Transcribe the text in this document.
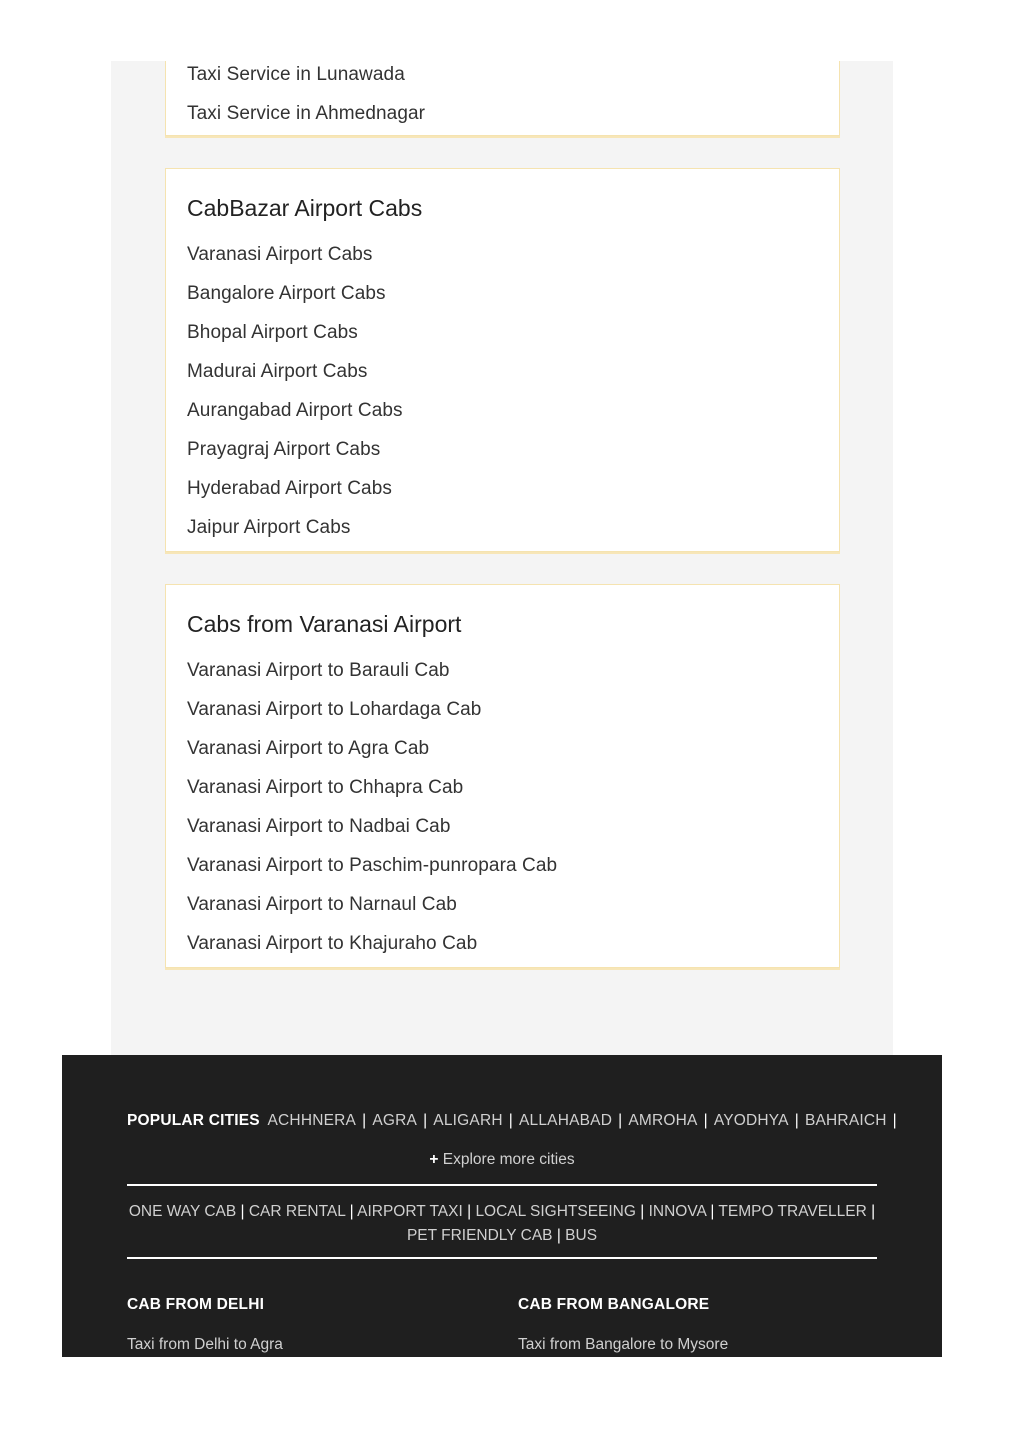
Taxi Service in Lunawada
Taxi Service in Ahmednagar
CabBazar Airport Cabs
Varanasi Airport Cabs
Bangalore Airport Cabs
Bhopal Airport Cabs
Madurai Airport Cabs
Aurangabad Airport Cabs
Prayagraj Airport Cabs
Hyderabad Airport Cabs
Jaipur Airport Cabs
Cabs from Varanasi Airport
Varanasi Airport to Barauli Cab
Varanasi Airport to Lohardaga Cab
Varanasi Airport to Agra Cab
Varanasi Airport to Chhapra Cab
Varanasi Airport to Nadbai Cab
Varanasi Airport to Paschim-punropara Cab
Varanasi Airport to Narnaul Cab
Varanasi Airport to Khajuraho Cab
POPULAR CITIES ACHHNERA | AGRA | ALIGARH | ALLAHABAD | AMROHA | AYODHYA | BAHRAICH |
+ Explore more cities
ONE WAY CAB | CAR RENTAL | AIRPORT TAXI | LOCAL SIGHTSEEING | INNOVA | TEMPO TRAVELLER |
PET FRIENDLY CAB | BUS
CAB FROM DELHI
Taxi from Delhi to Agra
CAB FROM BANGALORE
Taxi from Bangalore to Mysore
